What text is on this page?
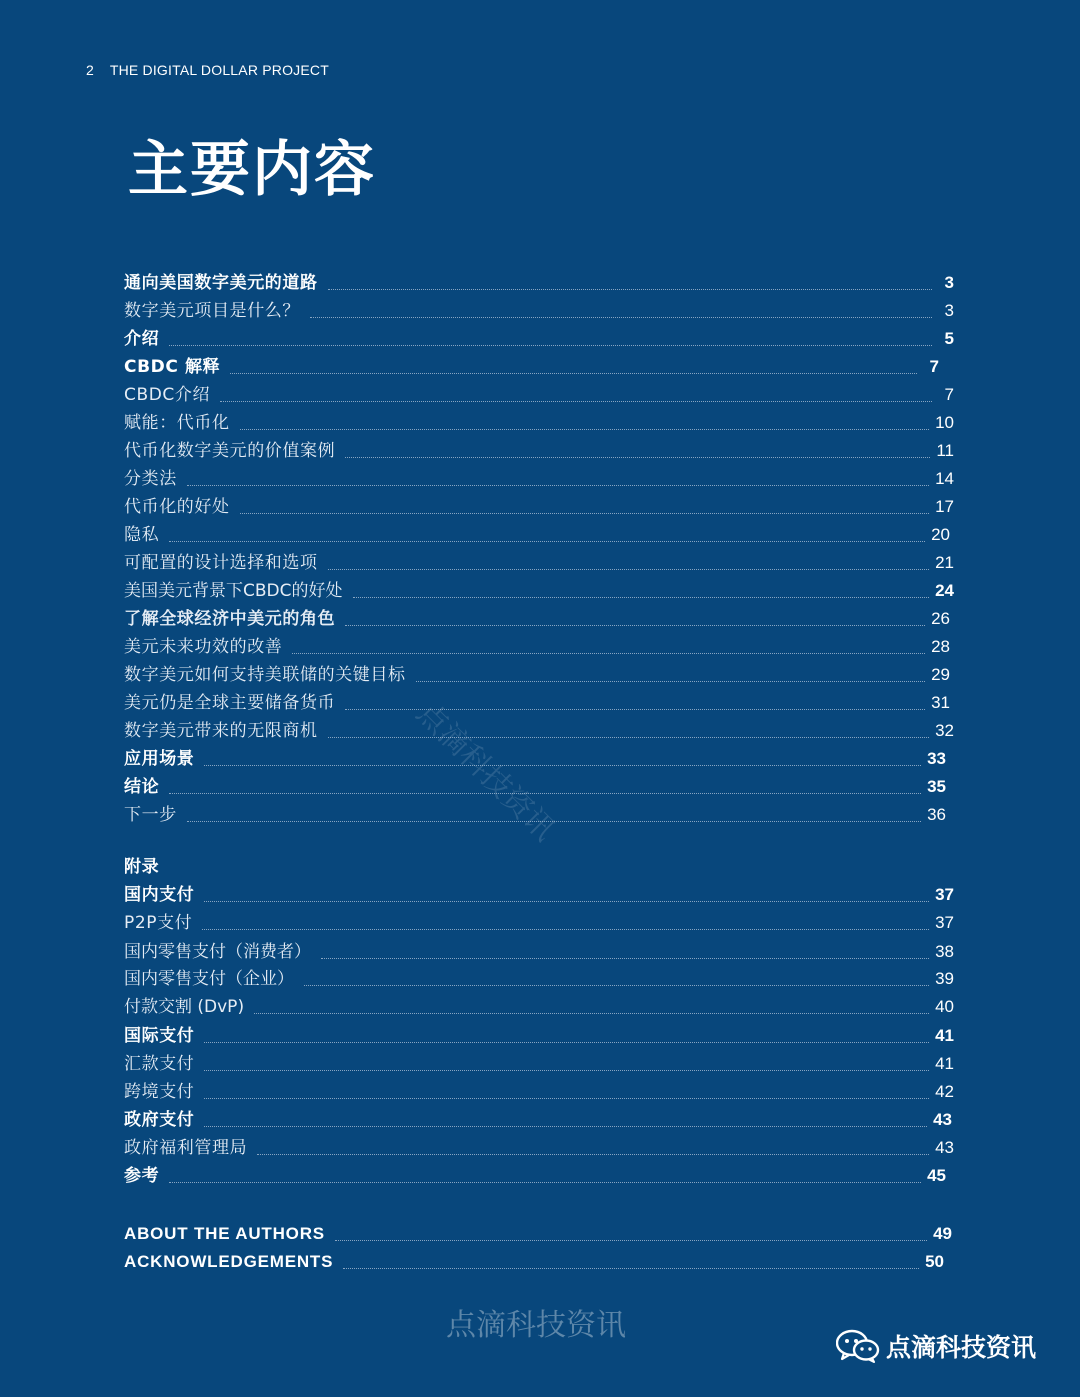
2 THE DIGITAL DOLLAR PROJECT
主要内容
通向美国数字美元的道路	3
数字美元项目是什么？	3
介绍	5
CBDC 解释	7
CBDC介绍	7
赋能：代币化	10
代币化数字美元的价值案例	11
分类法	14
代币化的好处	17
隐私	20
可配置的设计选择和选项	21
美国美元背景下CBDC的好处	24
了解全球经济中美元的角色	26
美元未来功效的改善	28
数字美元如何支持美联储的关键目标	29
美元仍是全球主要储备货币	31
数字美元带来的无限商机	32
应用场景	33
结论	35
下一步	36
附录
国内支付	37
P2P支付	37
国内零售支付（消费者）	38
国内零售支付（企业）	39
付款交割 (DvP)	40
国际支付	41
汇款支付	41
跨境支付	42
政府支付	43
政府福利管理局	43
参考	45
ABOUT THE AUTHORS	49
ACKNOWLEDGEMENTS	50
点滴科技资讯
点滴科技资讯
点滴科技资讯
